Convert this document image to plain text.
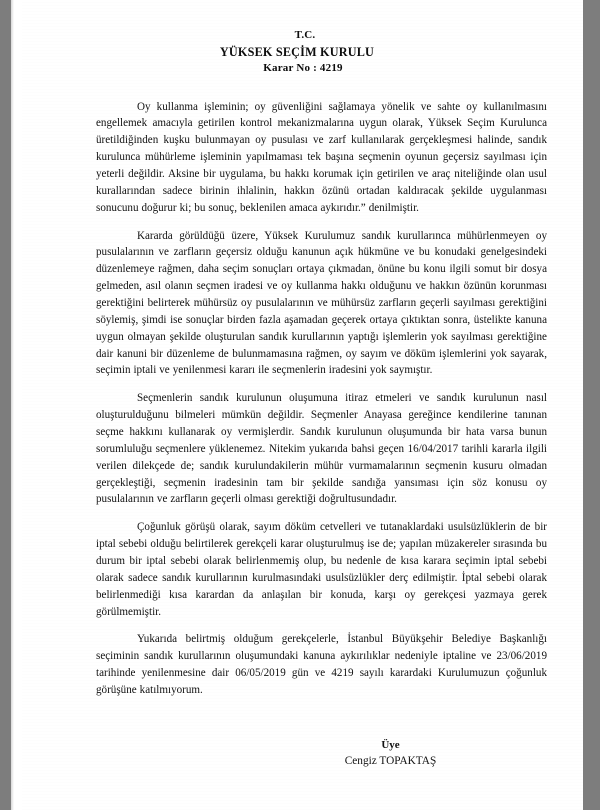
T.C.
YÜKSEK SEÇİM KURULU
Karar No : 4219

Oy kullanma işleminin; oy güvenliğini sağlamaya yönelik ve sahte oy kullanılmasını engellemek amacıyla getirilen kontrol mekanizmalarına uygun olarak, Yüksek Seçim Kurulunca üretildiğinden kuşku bulunmayan oy pusulası ve zarf kullanılarak gerçekleşmesi halinde, sandık kurulunca mühürleme işleminin yapılmaması tek başına seçmenin oyunun geçersiz sayılması için yeterli değildir. Aksine bir uygulama, bu hakkı korumak için getirilen ve araç niteliğinde olan usul kurallarından sadece birinin ihlalinin, hakkın özünü ortadan kaldıracak şekilde uygulanması sonucunu doğurur ki; bu sonuç, beklenilen amaca aykırıdır.” denilmiştir.

Kararda görüldüğü üzere, Yüksek Kurulumuz sandık kurullarınca mühürlenmeyen oy pusulalarının ve zarfların geçersiz olduğu kanunun açık hükmüne ve bu konudaki genelgesindeki düzenlemeye rağmen, daha seçim sonuçları ortaya çıkmadan, önüne bu konu ilgili somut bir dosya gelmeden, asıl olanın seçmen iradesi ve oy kullanma hakkı olduğunu ve hakkın özünün korunması gerektiğini belirterek mühürsüz oy pusulalarının ve mühürsüz zarfların geçerli sayılması gerektiğini söylemiş, şimdi ise sonuçlar birden fazla aşamadan geçerek ortaya çıktıktan sonra, üstelikte kanuna uygun olmayan şekilde oluşturulan sandık kurullarının yaptığı işlemlerin yok sayılması gerektiğine dair kanuni bir düzenleme de bulunmamasına rağmen, oy sayım ve döküm işlemlerini yok sayarak, seçimin iptali ve yenilenmesi kararı ile seçmenlerin iradesini yok saymıştır.

Seçmenlerin sandık kurulunun oluşumuna itiraz etmeleri ve sandık kurulunun nasıl oluşturulduğunu bilmeleri mümkün değildir. Seçmenler Anayasa gereğince kendilerine tanınan seçme hakkını kullanarak oy vermişlerdir. Sandık kurulunun oluşumunda bir hata varsa bunun sorumluluğu seçmenlere yüklenemez. Nitekim yukarıda bahsi geçen 16/04/2017 tarihli kararla ilgili verilen dilekçede de; sandık kurulundakilerin mühür vurmamalarının seçmenin kusuru olmadan gerçekleştiği, seçmenin iradesinin tam bir şekilde sandığa yansıması için söz konusu oy pusulalarının ve zarfların geçerli olması gerektiği doğrultusundadır.

Çoğunluk görüşü olarak, sayım döküm cetvelleri ve tutanaklardaki usulsüzlüklerin de bir iptal sebebi olduğu belirtilerek gerekçeli karar oluşturulmuş ise de; yapılan müzakereler sırasında bu durum bir iptal sebebi olarak belirlenmemiş olup, bu nedenle de kısa karara seçimin iptal sebebi olarak sadece sandık kurullarının kurulmasındaki usulsüzlükler derç edilmiştir. İptal sebebi olarak belirlenmediği kısa karardan da anlaşılan bir konuda, karşı oy gerekçesi yazmaya gerek görülmemiştir.

Yukarıda belirtmiş olduğum gerekçelerle, İstanbul Büyükşehir Belediye Başkanlığı seçiminin sandık kurullarının oluşumundaki kanuna aykırılıklar nedeniyle iptaline ve 23/06/2019 tarihinde yenilenmesine dair 06/05/2019 gün ve 4219 sayılı karardaki Kurulumuzun çoğunluk görüşüne katılmıyorum.

Üye
Cengiz TOPAKTAŞ
